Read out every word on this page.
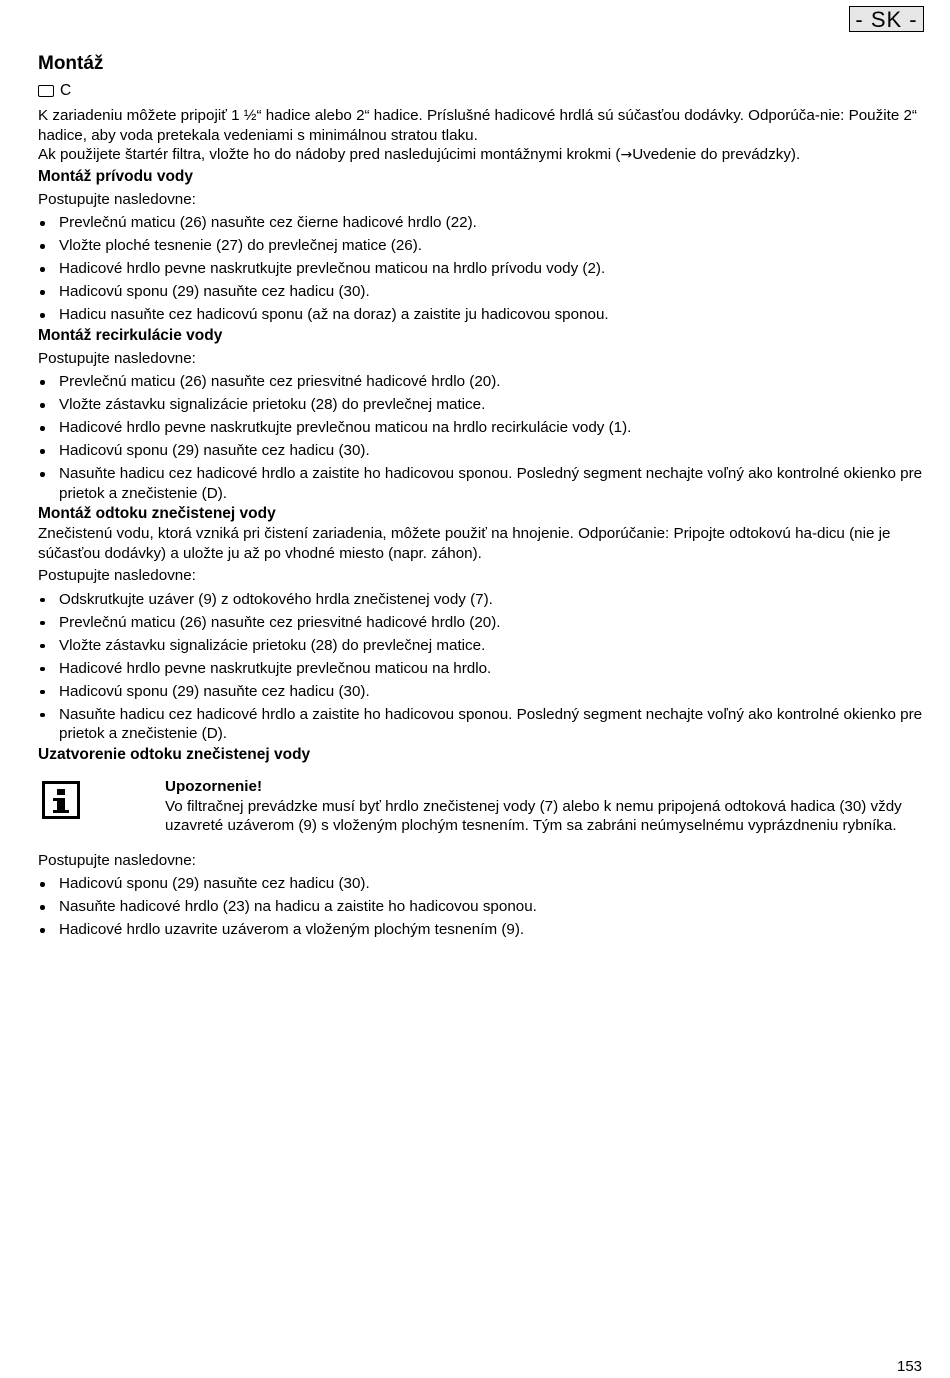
- SK -
Montáž
C

K zariadeniu môžete pripojiť 1 ½“ hadice alebo 2“ hadice. Príslušné hadicové hrdlá sú súčasťou dodávky. Odporúča-nie: Použite 2“ hadice, aby voda pretekala vedeniami s minimálnou stratou tlaku.

Ak použijete štartér filtra, vložte ho do nádoby pred nasledujúcimi montážnymi krokmi (→Uvedenie do prevádzky).

Montáž prívodu vody

Postupujte nasledovne:

Prevlečnú maticu (26) nasuňte cez čierne hadicové hrdlo (22).
Vložte ploché tesnenie (27) do prevlečnej matice (26).
Hadicové hrdlo pevne naskrutkujte prevlečnou maticou na hrdlo prívodu vody (2).
Hadicovú sponu (29) nasuňte cez hadicu (30).
Hadicu nasuňte cez hadicovú sponu (až na doraz) a zaistite ju hadicovou sponou.
Montáž recirkulácie vody

Postupujte nasledovne:

Prevlečnú maticu (26) nasuňte cez priesvitné hadicové hrdlo (20).
Vložte zástavku signalizácie prietoku (28) do prevlečnej matice.
Hadicové hrdlo pevne naskrutkujte prevlečnou maticou na hrdlo recirkulácie vody (1).
Hadicovú sponu (29) nasuňte cez hadicu (30).
Nasuňte hadicu cez hadicové hrdlo a zaistite ho hadicovou sponou. Posledný segment nechajte voľný ako kontrolné okienko pre prietok a znečistenie (D).
Montáž odtoku znečistenej vody

Znečistenú vodu, ktorá vzniká pri čistení zariadenia, môžete použiť na hnojenie. Odporúčanie: Pripojte odtokovú ha-dicu (nie je súčasťou dodávky) a uložte ju až po vhodné miesto (napr. záhon).

Postupujte nasledovne:

Odskrutkujte uzáver (9) z odtokového hrdla znečistenej vody (7).
Prevlečnú maticu (26) nasuňte cez priesvitné hadicové hrdlo (20).
Vložte zástavku signalizácie prietoku (28) do prevlečnej matice.
Hadicové hrdlo pevne naskrutkujte prevlečnou maticou na hrdlo.
Hadicovú sponu (29) nasuňte cez hadicu (30).
Nasuňte hadicu cez hadicové hrdlo a zaistite ho hadicovou sponou. Posledný segment nechajte voľný ako kontrolné okienko pre prietok a znečistenie (D).
Uzatvorenie odtoku znečistenej vody
Upozornenie!

Vo filtračnej prevádzke musí byť hrdlo znečistenej vody (7) alebo k nemu pripojená odtoková hadica (30) vždy uzavreté uzáverom (9) s vloženým plochým tesnením. Tým sa zabráni neúmyselnému vyprázdneniu rybníka.

Postupujte nasledovne:

Hadicovú sponu (29) nasuňte cez hadicu (30).
Nasuňte hadicové hrdlo (23) na hadicu a zaistite ho hadicovou sponou.
Hadicové hrdlo uzavrite uzáverom a vloženým plochým tesnením (9).
153
